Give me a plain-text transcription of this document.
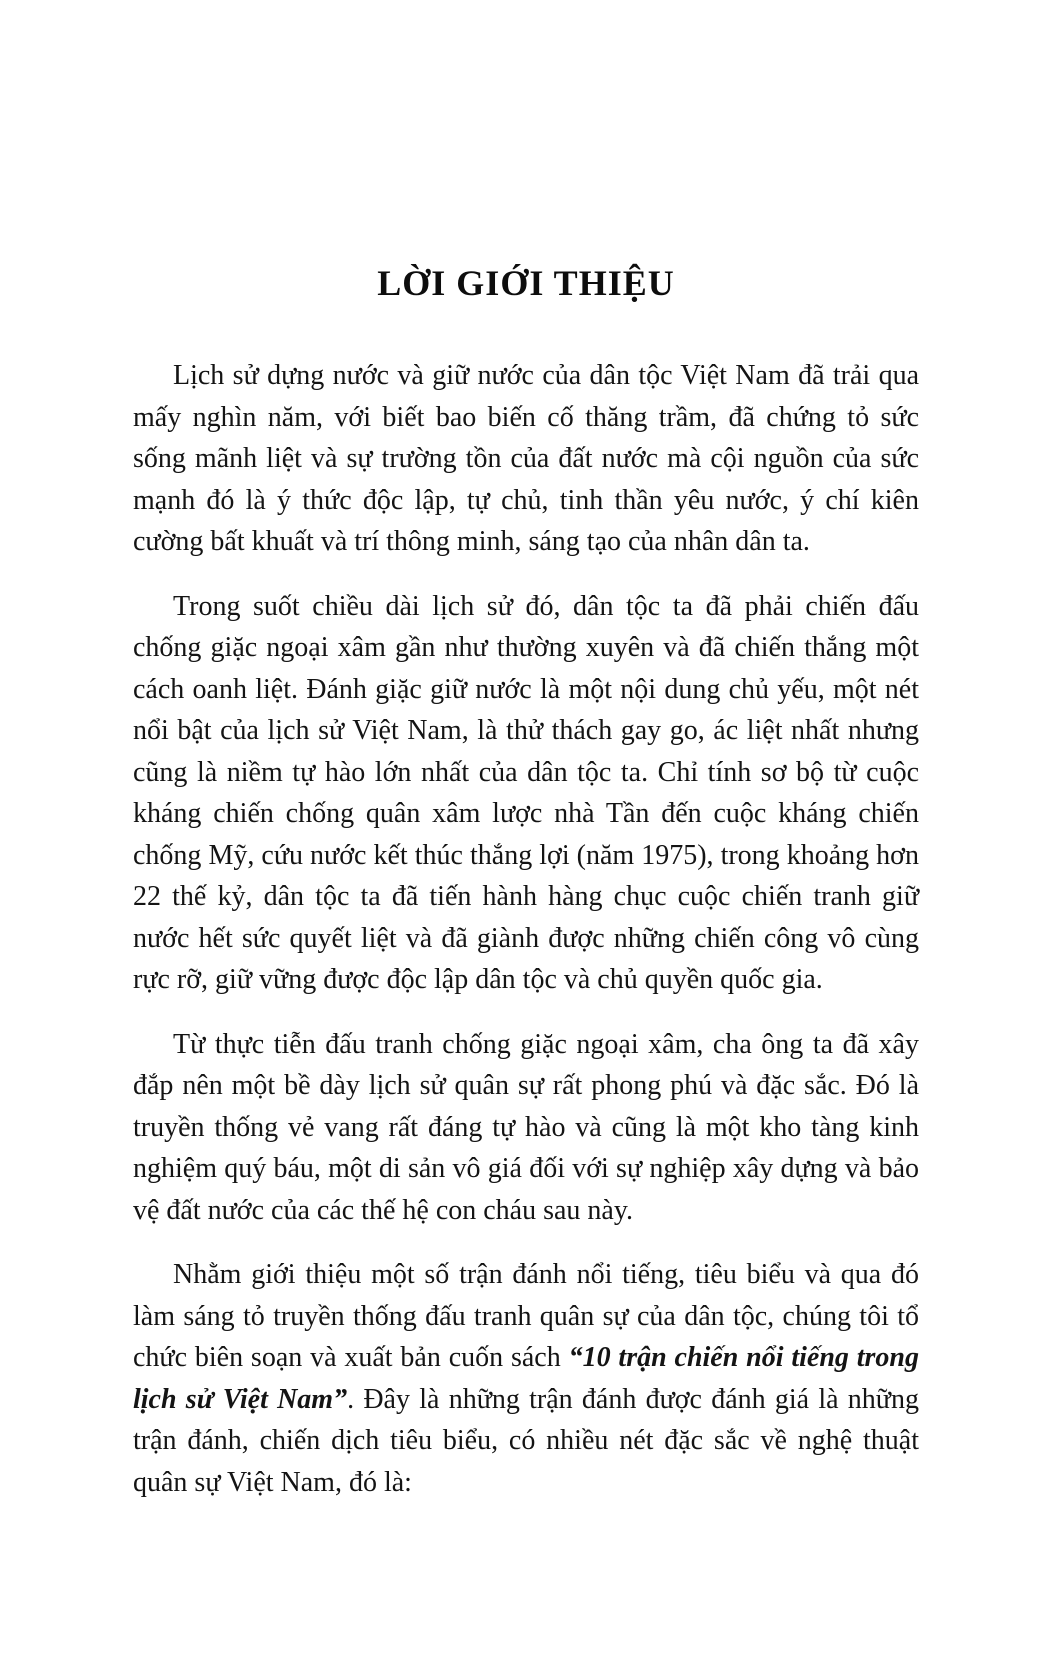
LỜI GIỚI THIỆU

Lịch sử dựng nước và giữ nước của dân tộc Việt Nam đã trải qua mấy nghìn năm, với biết bao biến cố thăng trầm, đã chứng tỏ sức sống mãnh liệt và sự trường tồn của đất nước mà cội nguồn của sức mạnh đó là ý thức độc lập, tự chủ, tinh thần yêu nước, ý chí kiên cường bất khuất và trí thông minh, sáng tạo của nhân dân ta.

Trong suốt chiều dài lịch sử đó, dân tộc ta đã phải chiến đấu chống giặc ngoại xâm gần như thường xuyên và đã chiến thắng một cách oanh liệt. Đánh giặc giữ nước là một nội dung chủ yếu, một nét nổi bật của lịch sử Việt Nam, là thử thách gay go, ác liệt nhất nhưng cũng là niềm tự hào lớn nhất của dân tộc ta. Chỉ tính sơ bộ từ cuộc kháng chiến chống quân xâm lược nhà Tần đến cuộc kháng chiến chống Mỹ, cứu nước kết thúc thắng lợi (năm 1975), trong khoảng hơn 22 thế kỷ, dân tộc ta đã tiến hành hàng chục cuộc chiến tranh giữ nước hết sức quyết liệt và đã giành được những chiến công vô cùng rực rỡ, giữ vững được độc lập dân tộc và chủ quyền quốc gia.

Từ thực tiễn đấu tranh chống giặc ngoại xâm, cha ông ta đã xây đắp nên một bề dày lịch sử quân sự rất phong phú và đặc sắc. Đó là truyền thống vẻ vang rất đáng tự hào và cũng là một kho tàng kinh nghiệm quý báu, một di sản vô giá đối với sự nghiệp xây dựng và bảo vệ đất nước của các thế hệ con cháu sau này.

Nhằm giới thiệu một số trận đánh nổi tiếng, tiêu biểu và qua đó làm sáng tỏ truyền thống đấu tranh quân sự của dân tộc, chúng tôi tổ chức biên soạn và xuất bản cuốn sách “10 trận chiến nổi tiếng trong lịch sử Việt Nam”. Đây là những trận đánh được đánh giá là những trận đánh, chiến dịch tiêu biểu, có nhiều nét đặc sắc về nghệ thuật quân sự Việt Nam, đó là:
